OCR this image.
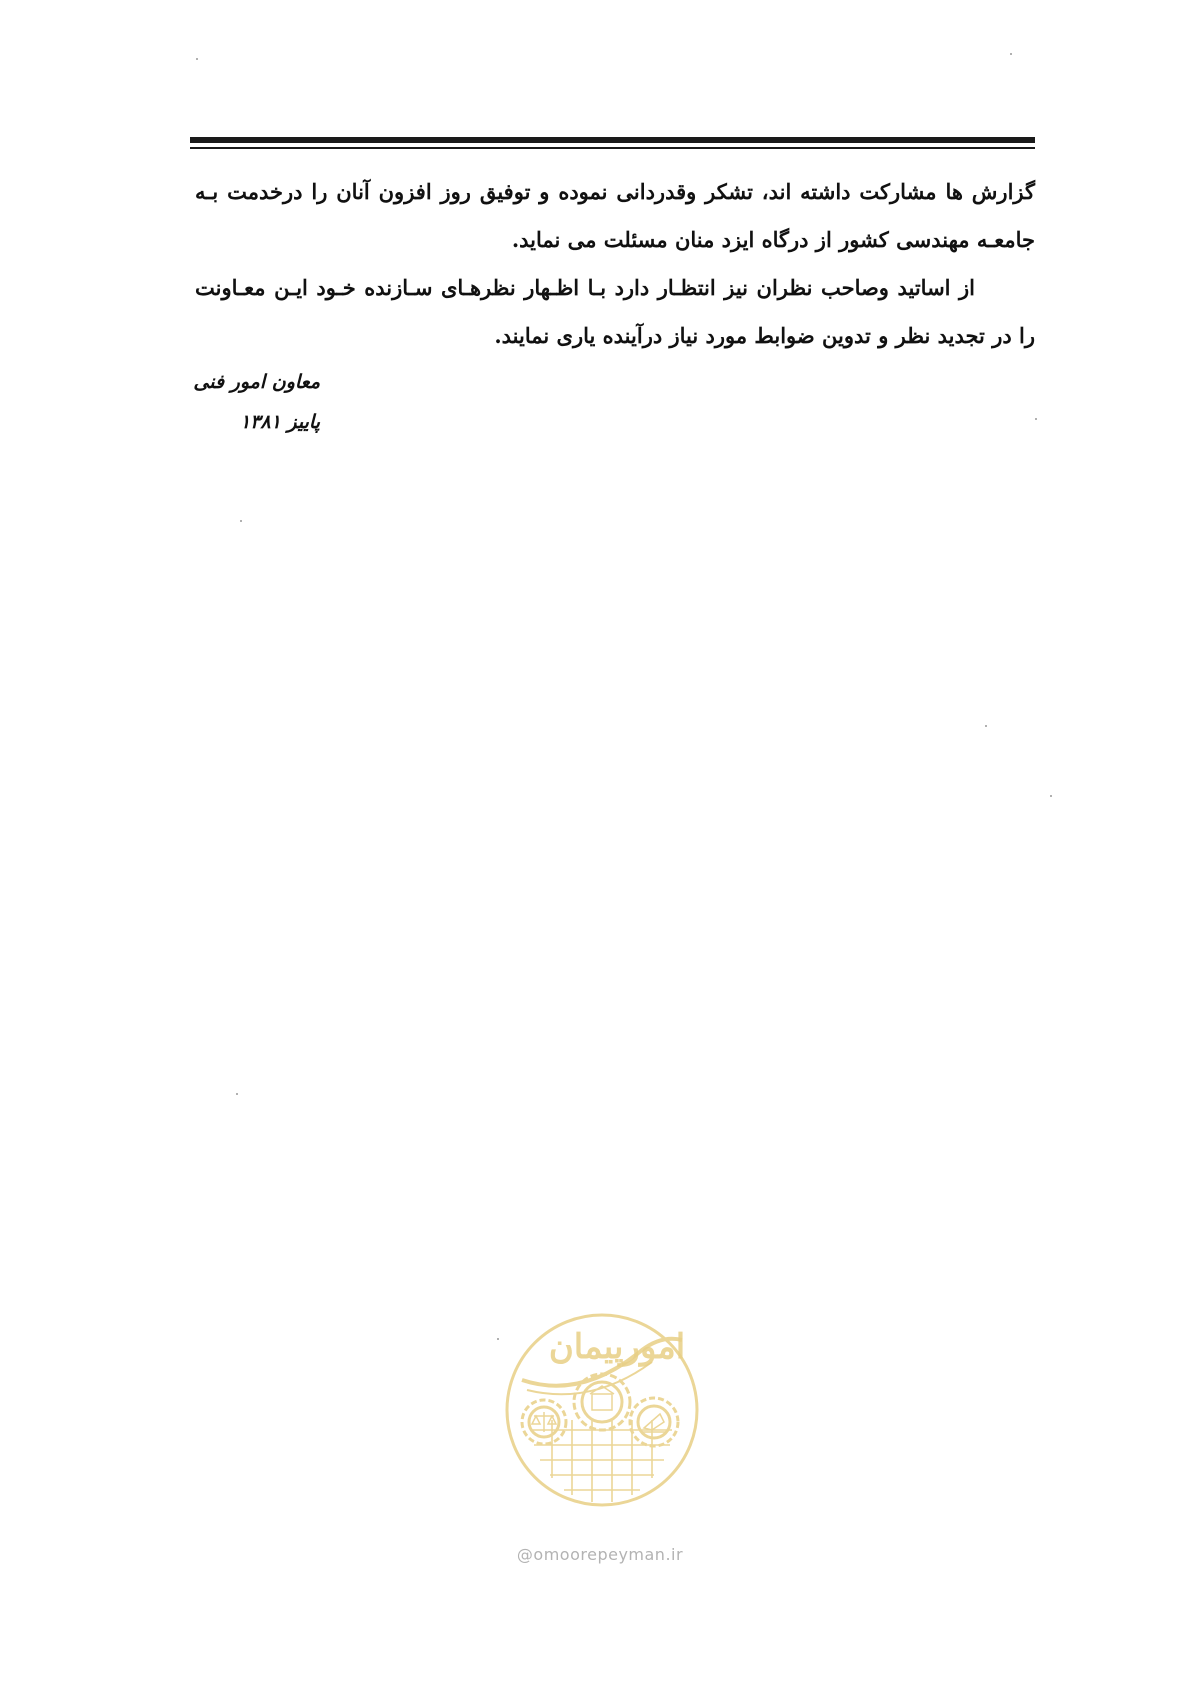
گزارش ها مشارکت داشته اند، تشکر وقدردانی نموده و توفیق روز افزون آنان را درخدمت بـه جامعـه مهندسی کشور از درگاه ایزد منان مسئلت می نماید.

از اساتید وصاحب نظران نیز انتظـار دارد بـا اظـهار نظرهـای سـازنده خـود ایـن معـاونت را در تجدید نظر و تدوین ضوابط مورد نیاز درآینده یاری نمایند.

معاون امور فنی
پاییز ۱۳۸۱
امورپیمان
@omoorepeyman.ir
